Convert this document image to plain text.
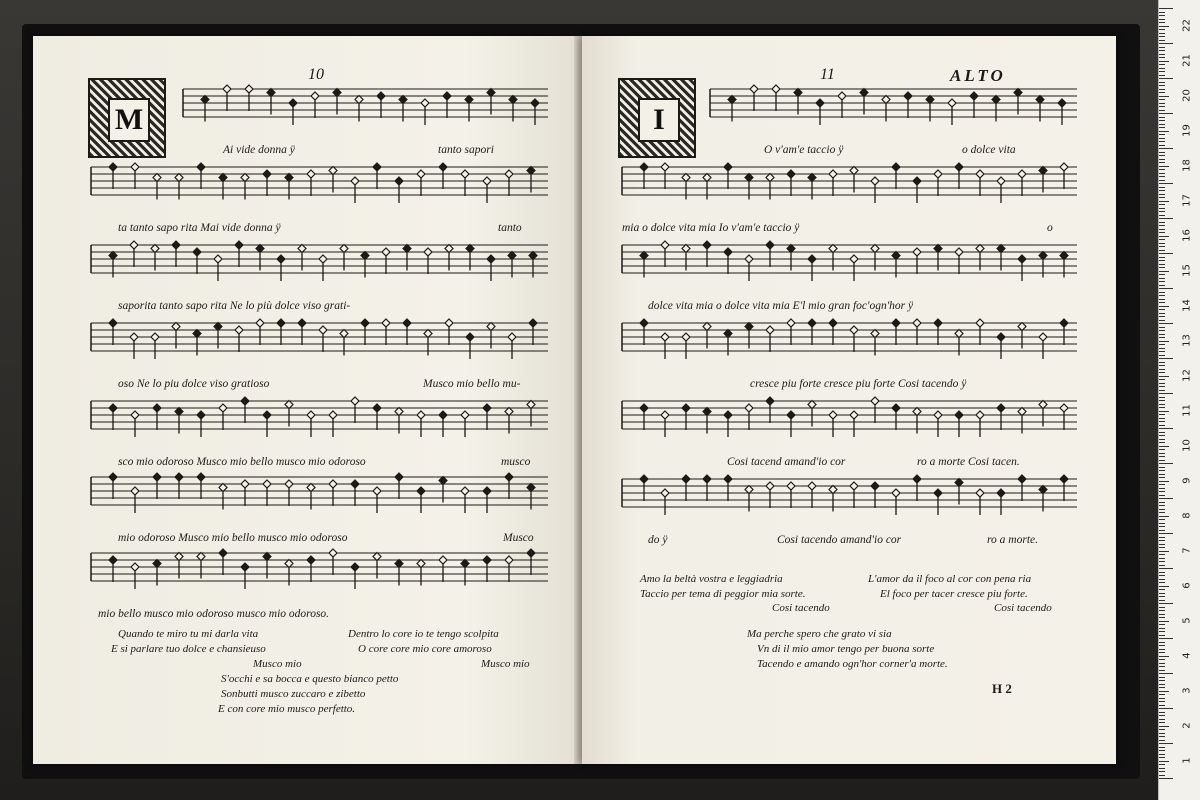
10
M
Ai vide donna ÿ	tanto sapori
ta tanto sapo rita Mai vide donna ÿ	tanto
saporita tanto sapo rita Ne lo più dolce viso grati-
oso Ne lo piu dolce viso gratioso	Musco mio bello mu-
sco mio odoroso Musco mio bello musco mio odoroso	musco
mio odoroso Musco mio bello musco mio odoroso	Musco
mio bello musco mio odoroso musco mio odoroso.
Quando te miro tu mi darla vita
E si parlare tuo dolce e chansieuso
Musco mio
S'occhi e sa bocca e questo bianco petto
Sonbutti musco zuccaro e zibetto
E con core mio musco perfetto.
Dentro lo core io te tengo scolpita
O core core mio core amoroso
Musco mio
11	ALTO
I
O v'am'e taccio ÿ	o dolce vita
mia o dolce vita mia Io v'am'e taccio ÿ	o
dolce vita mia o dolce vita mia E'l mio gran foc'ogn'hor ÿ
cresce piu forte cresce piu forte Cosi tacendo ÿ
Cosi tacend amand'io cor	ro a morte Cosi tacen.
do ÿ	Cosi tacendo amand'io cor	ro a morte.
Amo la beltà vostra e leggiadria
Taccio per tema di peggior mia sorte.
Cosi tacendo
L'amor da il foco al cor con pena ria
El foco per tacer cresce piu forte.
Cosi tacendo
Ma perche spero che grato vi sia
Vn di il mio amor tengo per buona sorte
Tacendo e amando ogn'hor corner'a morte.
H 2
22
21
20
19
18
17
16
15
14
13
12
11
10
9
8
7
6
5
4
3
2
1
